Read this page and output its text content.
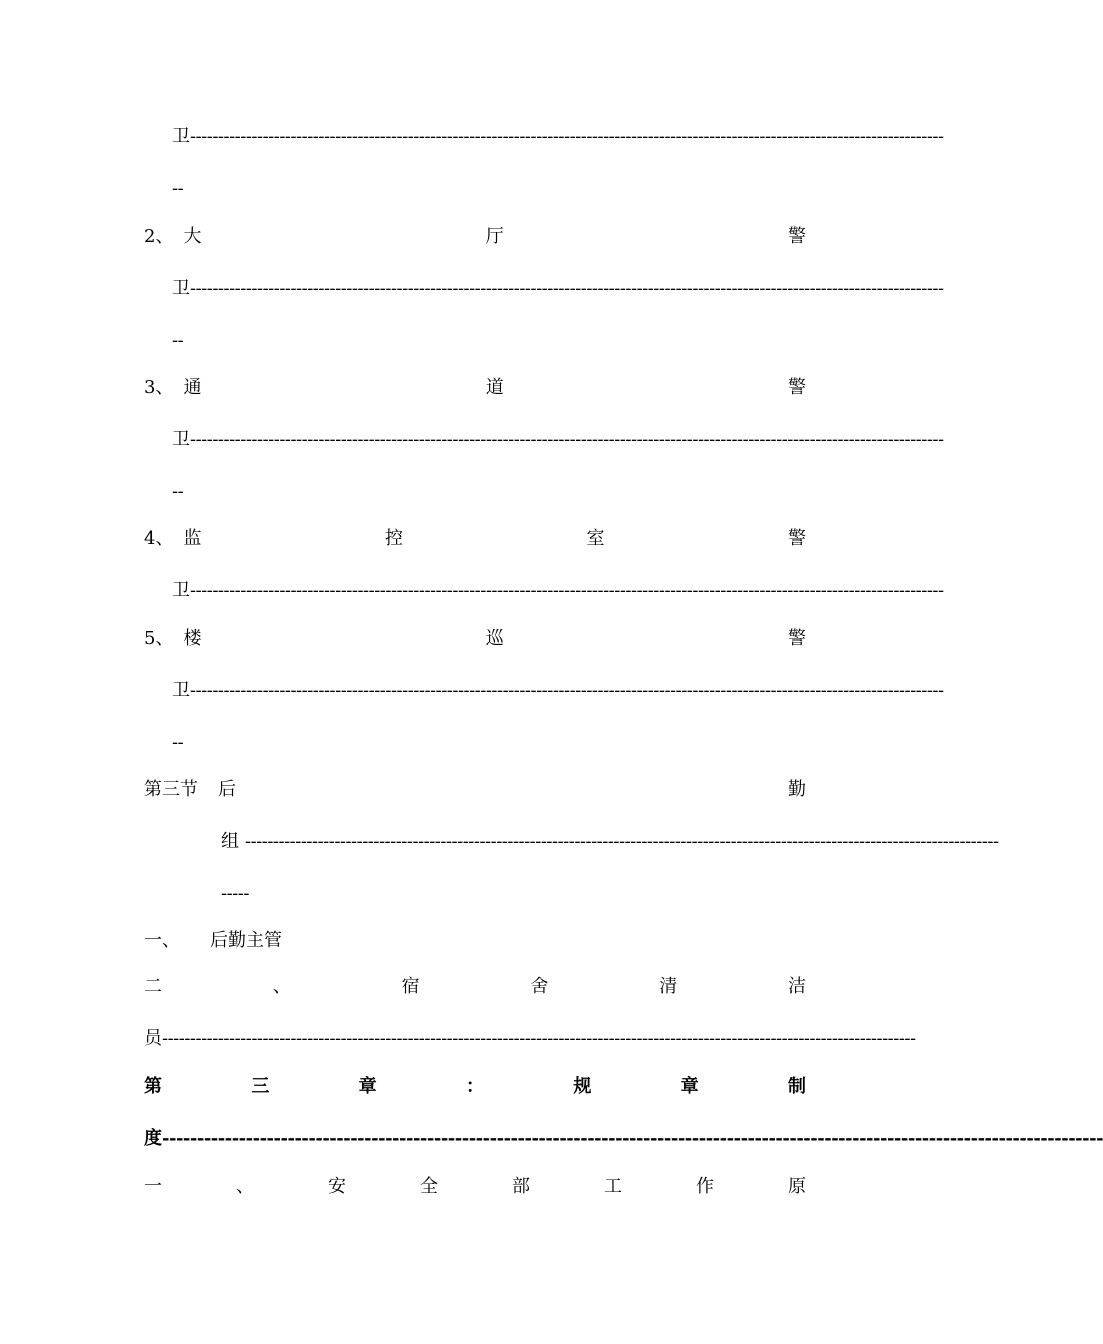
卫---------------------------------------------------------------------------------------------------------------------------------------
--
2、 大	厅	警
卫---------------------------------------------------------------------------------------------------------------------------------------
--
3、 通	道	警
卫---------------------------------------------------------------------------------------------------------------------------------------
--
4、 监	控	室	警
卫---------------------------------------------------------------------------------------------------------------------------------------
5、 楼	巡	警
卫---------------------------------------------------------------------------------------------------------------------------------------
--
第三节 后	勤
组 ---------------------------------------------------------------------------------------------------------------------------------------
-----
一、 后勤主管
二	、	宿	舍	清	洁
员---------------------------------------------------------------------------------------------------------------------------------------
第	三	章	：	规	章	制
度---------------------------------------------------------------------------------------------------------------------------------------
一	、	安	全	部	工	作	原
